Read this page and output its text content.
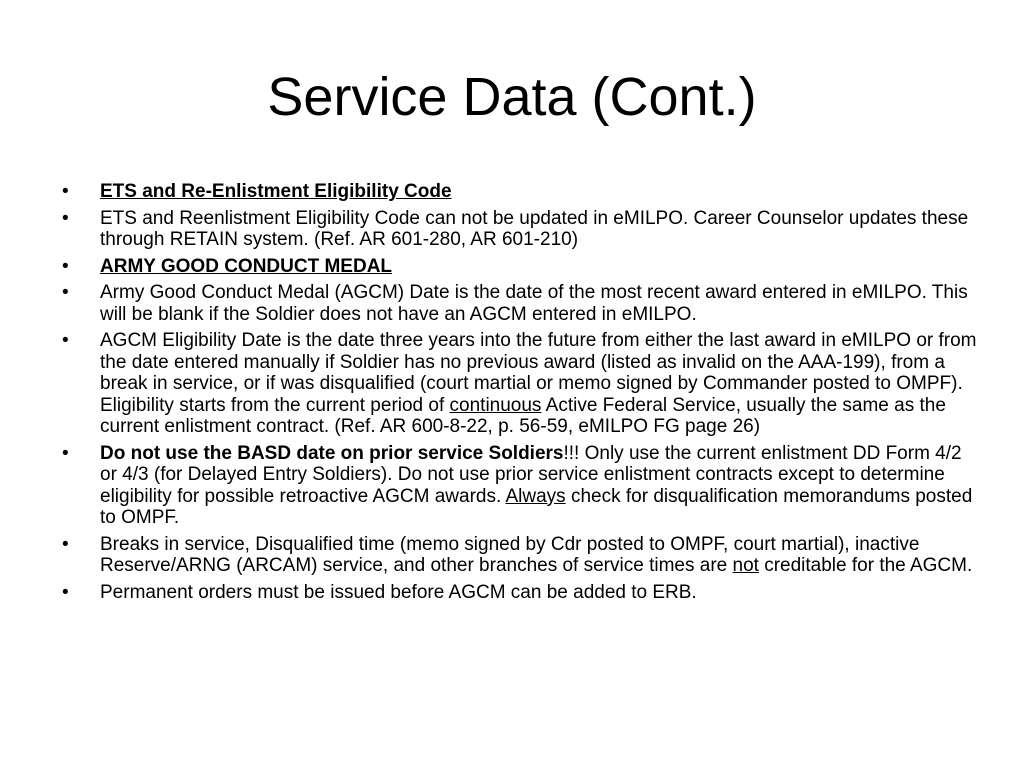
Service Data (Cont.)
•	ETS and Re-Enlistment Eligibility Code
•	ETS and Reenlistment Eligibility Code can not be updated in eMILPO. Career Counselor updates these through RETAIN system. (Ref. AR 601-280, AR 601-210)
•	ARMY GOOD CONDUCT MEDAL
•	Army Good Conduct Medal (AGCM) Date is the date of the most recent award entered in eMILPO. This will be blank if the Soldier does not have an AGCM entered in eMILPO.
•	AGCM Eligibility Date is the date three years into the future from either the last award in eMILPO or from the date entered manually if Soldier has no previous award (listed as invalid on the AAA-199), from a break in service, or if was disqualified (court martial or memo signed by Commander posted to OMPF). Eligibility starts from the current period of continuous Active Federal Service, usually the same as the current enlistment contract. (Ref. AR 600-8-22, p. 56-59, eMILPO FG page 26)
•	Do not use the BASD date on prior service Soldiers!!! Only use the current enlistment DD Form 4/2 or 4/3 (for Delayed Entry Soldiers). Do not use prior service enlistment contracts except to determine eligibility for possible retroactive AGCM awards. Always check for disqualification memorandums posted to OMPF.
•	Breaks in service, Disqualified time (memo signed by Cdr posted to OMPF, court martial), inactive Reserve/ARNG (ARCAM) service, and other branches of service times are not creditable for the AGCM.
•	Permanent orders must be issued before AGCM can be added to ERB.
